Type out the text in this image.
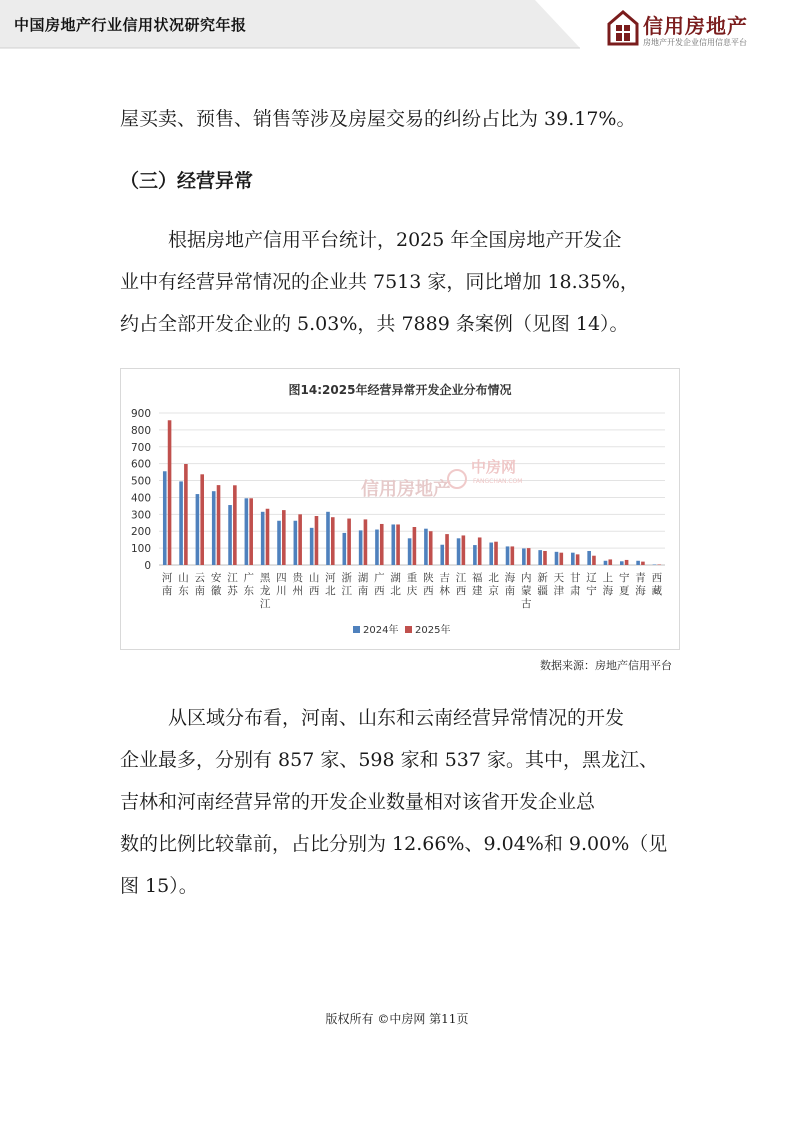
中国房地产行业信用状况研究年报	信用房地产
房地产开发企业信用信息平台
屋买卖、预售、销售等涉及房屋交易的纠纷占比为 39.17%。
（三）经营异常
根据房地产信用平台统计，2025 年全国房地产开发企
业中有经营异常情况的企业共 7513 家，同比增加 18.35%，
约占全部开发企业的 5.03%，共 7889 条案例（见图 14）。
图14:2025年经营异常开发企业分布情况
0
100
200
300
400
500
600
700
800
900
信用房地产
中房网
FANGCHAN.COM
河
南
山
东
云
南
安
徽
江
苏
广
东
黑
龙
江
四
川
贵
州
山
西
河
北
浙
江
湖
南
广
西
湖
北
重
庆
陕
西
吉
林
江
西
福
建
北
京
海
南
内
蒙
古
新
疆
天
津
甘
肃
辽
宁
上
海
宁
夏
青
海
西
藏
2024年 2025年
数据来源：房地产信用平台
从区域分布看，河南、山东和云南经营异常情况的开发
企业最多，分别有 857 家、598 家和 537 家。其中，黑龙江、
吉林和河南经营异常的开发企业数量相对该省开发企业总
数的比例比较靠前，占比分别为 12.66%、9.04%和 9.00%（见
图 15）。
版权所有 ©中房网 第11页
